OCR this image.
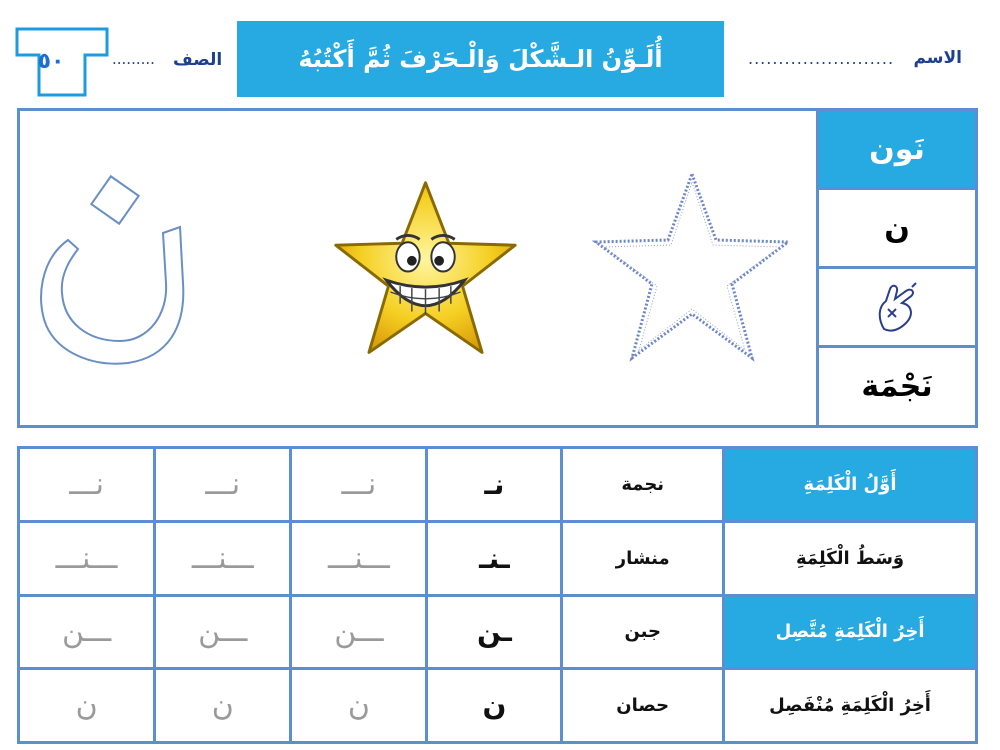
أُلَـوِّنُ الـشَّكْلَ وَالْـحَرْفَ ثُمَّ أَكْتُبُهُ	الاسم
........................
الصف
.........
٥٠
نَون
ن
نَجْمَة
نـــ	نـــ	نـــ	نـ	نجمة	أَوَّلُ الْكَلِمَةِ
ـــنـــ	ـــنـــ	ـــنـــ	ـنـ	منشار	وَسَطُ الْكَلِمَةِ
ـــن	ـــن	ـــن	ـن	جبن	أَخِرُ الْكَلِمَةِ مُتَّصِل
ن	ن	ن	ن	حصان	أَخِرُ الْكَلِمَةِ مُنْفَصِل
